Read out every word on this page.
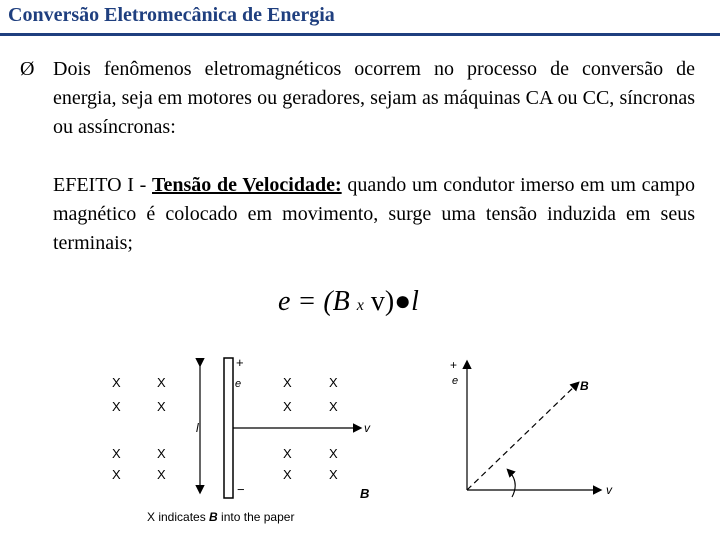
Conversão Eletromecânica de Energia
Ø Dois fenômenos eletromagnéticos ocorrem no processo de conversão de energia, seja em motores ou geradores, sejam as máquinas CA ou CC, síncronas ou assíncronas:
EFEITO I - Tensão de Velocidade: quando um condutor imerso em um campo magnético é colocado em movimento, surge uma tensão induzida em seus terminais;
e = (B x v)●l
X	X
X	X
X	X
X	X
X	X
X	X
X	X
X	X
l
+
e
−
v
B
X indicates B into the paper
+
e	B
v
